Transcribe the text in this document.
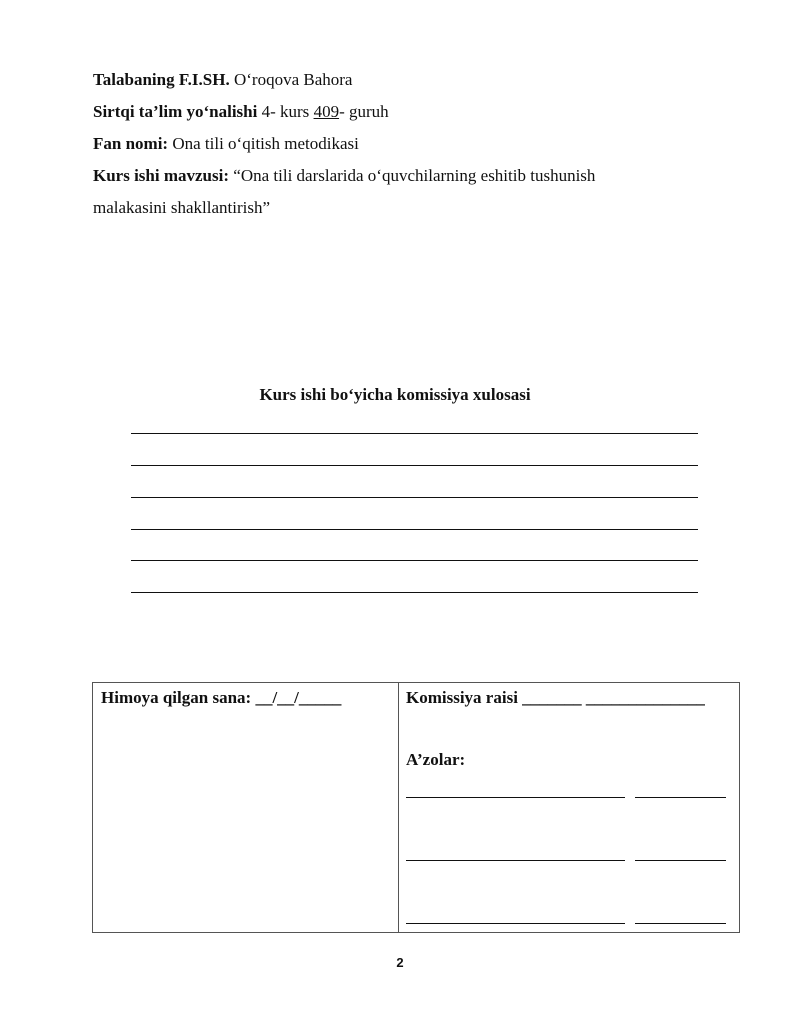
Talabaning F.I.SH. O‘roqova Bahora
Sirtqi ta’lim yo‘nalishi 4- kurs 409- guruh
Fan nomi: Ona tili o‘qitish metodikasi
Kurs ishi mavzusi: “Ona tili darslarida o‘quvchilarning eshitib tushunish
malakasini shakllantirish”
Kurs ishi bo‘yicha komissiya xulosasi
Himoya qilgan sana: __/__/_____	Komissiya raisi _______ ______________
A’zolar:
2
